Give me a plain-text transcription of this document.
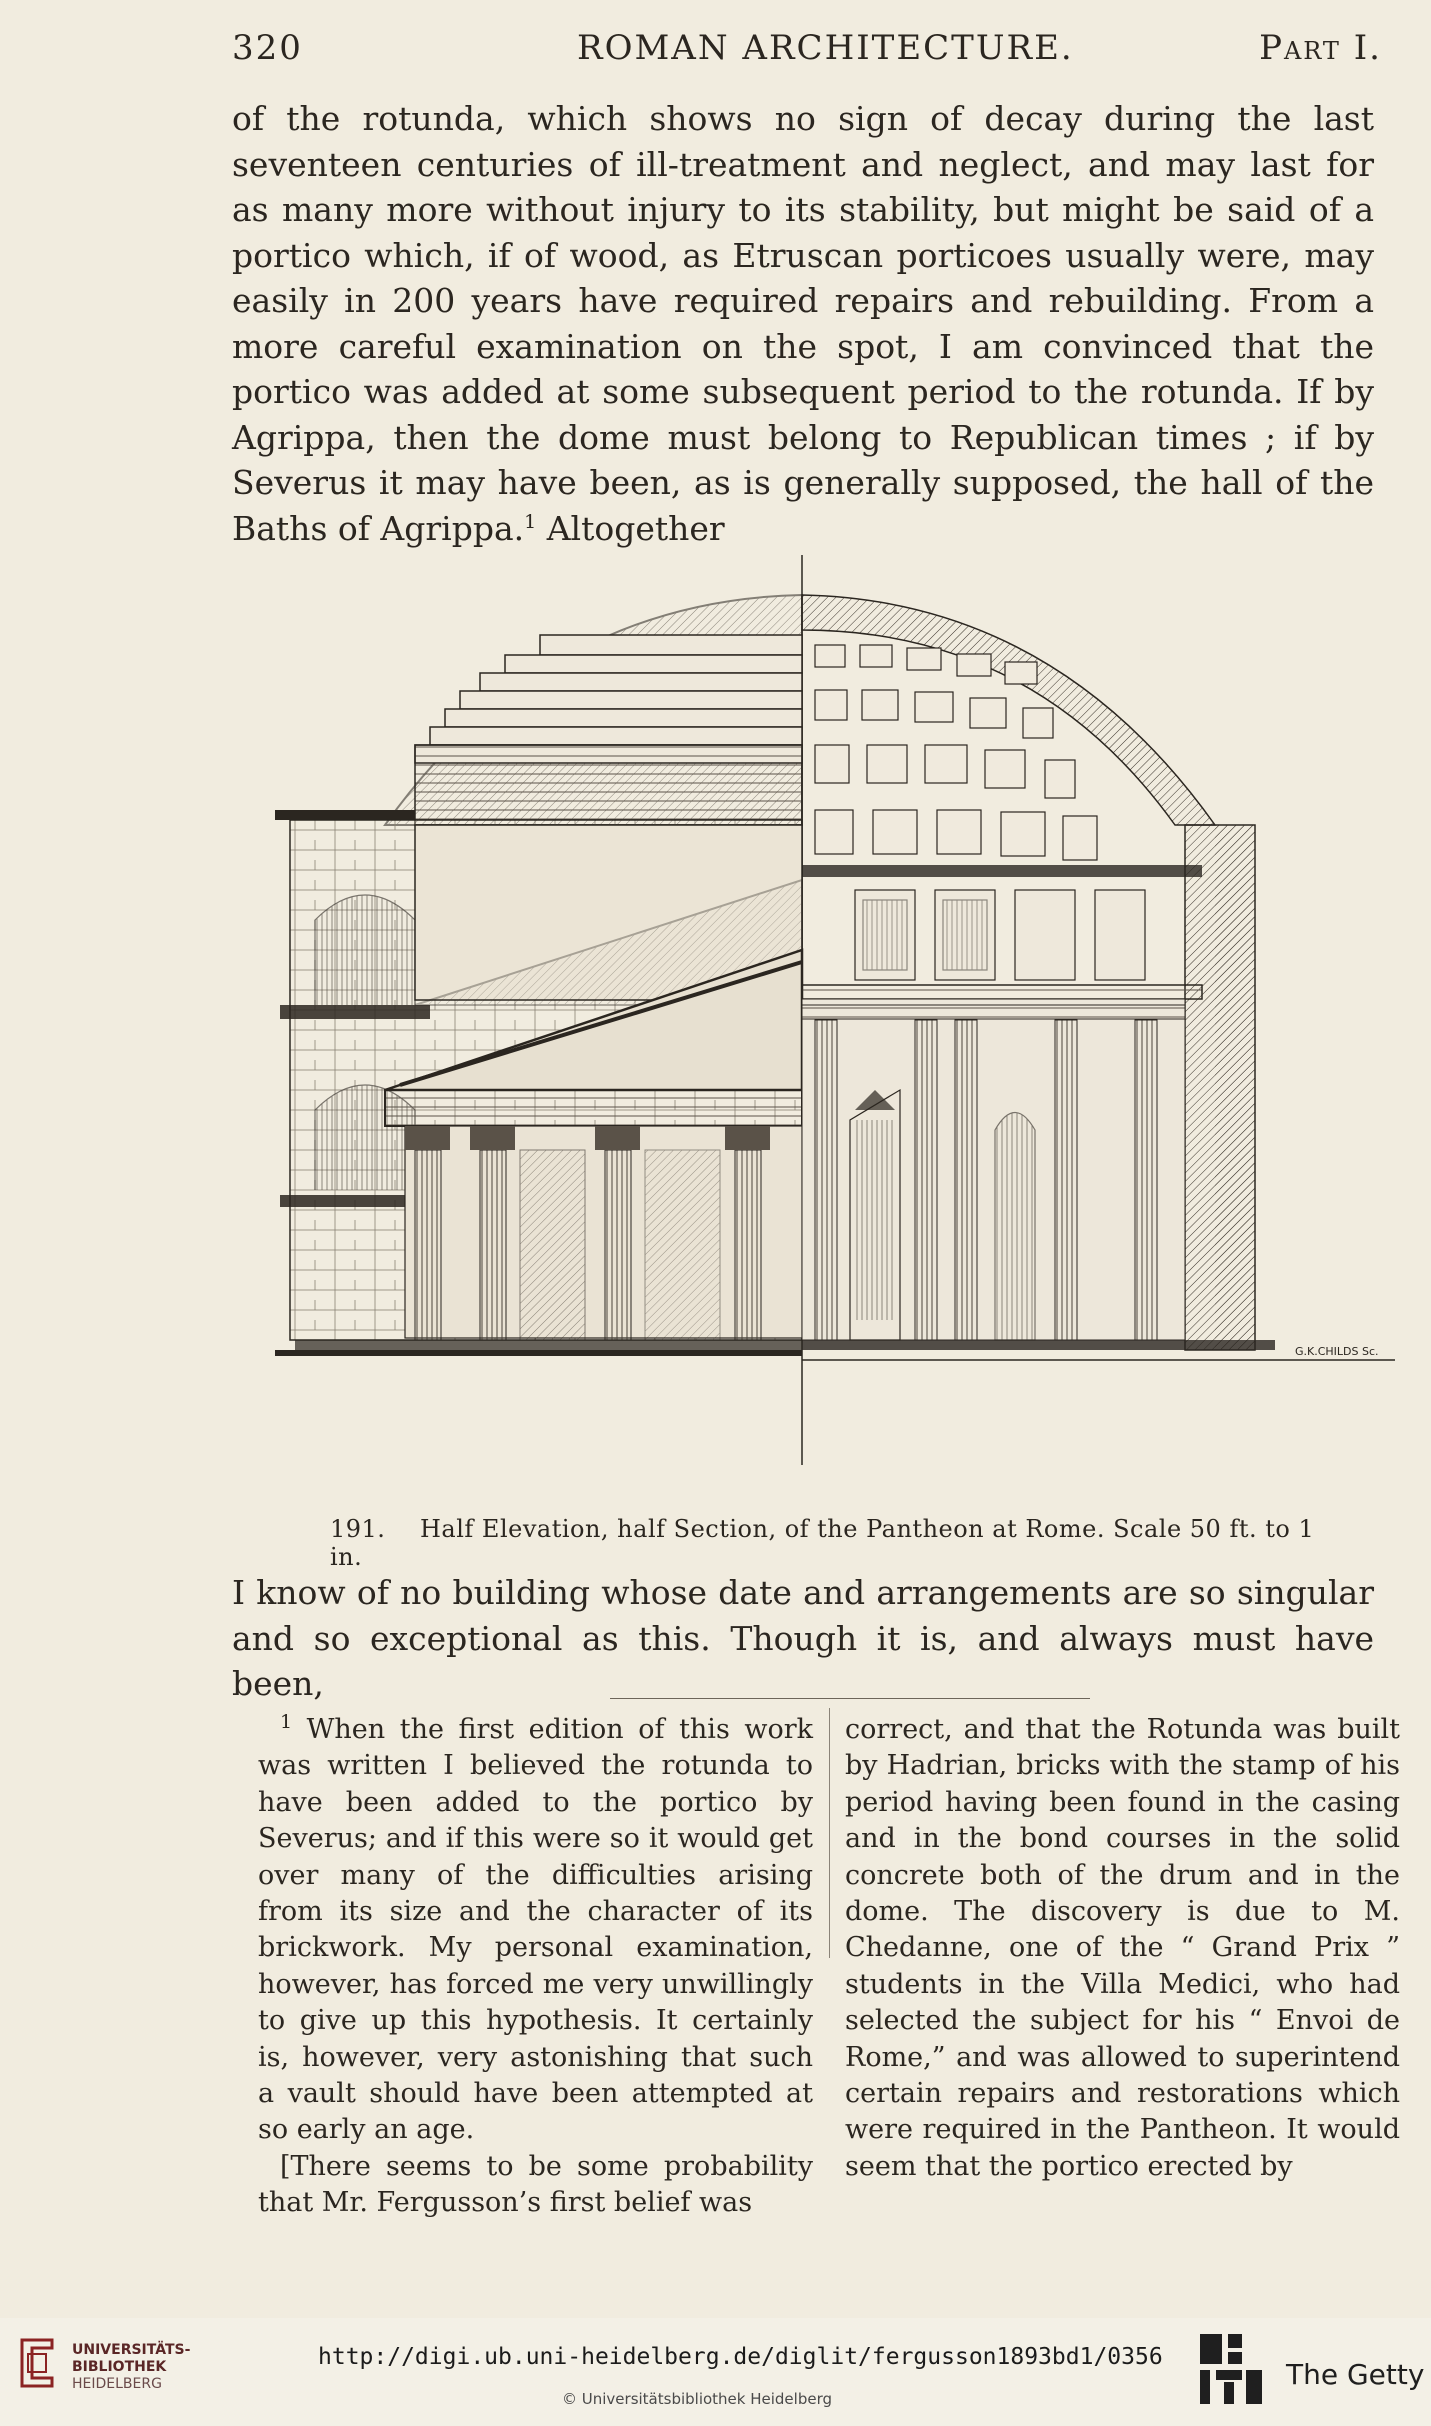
320	ROMAN ARCHITECTURE.	Part I.

of the rotunda, which shows no sign of decay during the last seventeen centuries of ill-treatment and neglect, and may last for as many more without injury to its stability, but might be said of a portico which, if of wood, as Etruscan porticoes usually were, may easily in 200 years have required repairs and rebuilding. From a more careful examination on the spot, I am convinced that the portico was added at some subsequent period to the rotunda. If by Agrippa, then the dome must belong to Republican times ; if by Severus it may have been, as is generally supposed, the hall of the Baths of Agrippa.$^1$ Altogether

G.K.CHILDS Sc.
191. Half Elevation, half Section, of the Pantheon at Rome. Scale 50 ft. to 1 in.

I know of no building whose date and arrangements are so singular and so exceptional as this. Though it is, and always must have been,

$^1$ When the first edition of this work was written I believed the rotunda to have been added to the portico by Severus; and if this were so it would get over many of the difficulties arising from its size and the character of its brickwork. My personal examination, however, has forced me very unwillingly to give up this hypothesis. It certainly is, however, very astonishing that such a vault should have been attempted at so early an age.

[There seems to be some probability that Mr. Fergusson’s first belief was

correct, and that the Rotunda was built by Hadrian, bricks with the stamp of his period having been found in the casing and in the bond courses in the solid concrete both of the drum and in the dome. The discovery is due to M. Chedanne, one of the “ Grand Prix ” students in the Villa Medici, who had selected the subject for his “ Envoi de Rome,” and was allowed to superintend certain repairs and restorations which were required in the Pantheon. It would seem that the portico erected by

UNIVERSITÄTS-
BIBLIOTHEK
HEIDELBERG
http://digi.ub.uni-heidelberg.de/diglit/fergusson1893bd1/0356
© Universitätsbibliothek Heidelberg
The Getty
